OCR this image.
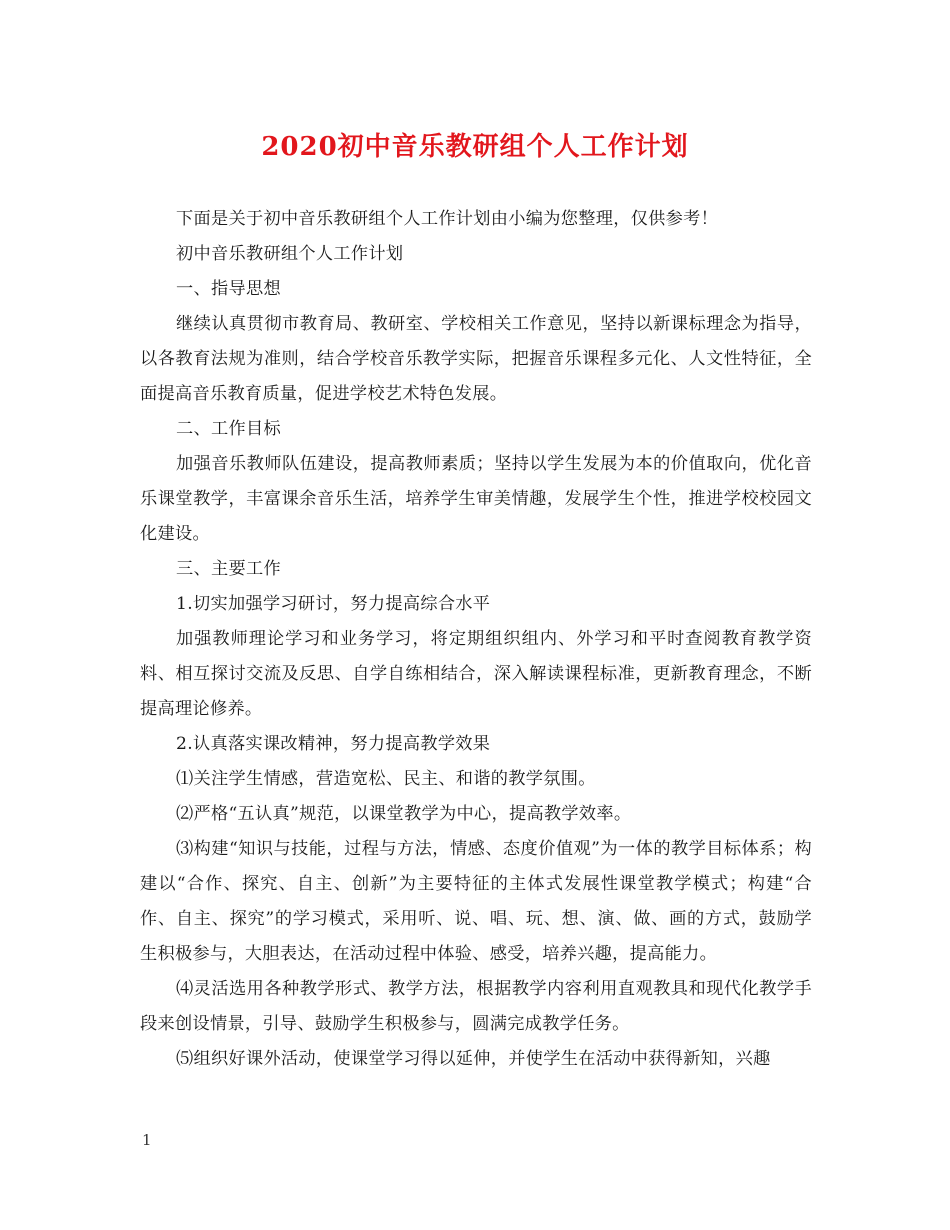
2020初中音乐教研组个人工作计划

下面是关于初中音乐教研组个人工作计划由小编为您整理，仅供参考！

初中音乐教研组个人工作计划

一、指导思想

继续认真贯彻市教育局、教研室、学校相关工作意见，坚持以新课标理念为指导，以各教育法规为准则，结合学校音乐教学实际，把握音乐课程多元化、人文性特征，全面提高音乐教育质量，促进学校艺术特色发展。

二、工作目标

加强音乐教师队伍建设，提高教师素质；坚持以学生发展为本的价值取向，优化音乐课堂教学，丰富课余音乐生活，培养学生审美情趣，发展学生个性，推进学校校园文化建设。

三、主要工作

1.切实加强学习研讨，努力提高综合水平

加强教师理论学习和业务学习，将定期组织组内、外学习和平时查阅教育教学资料、相互探讨交流及反思、自学自练相结合，深入解读课程标准，更新教育理念，不断提高理论修养。

2.认真落实课改精神，努力提高教学效果

⑴关注学生情感，营造宽松、民主、和谐的教学氛围。

⑵严格“五认真”规范，以课堂教学为中心，提高教学效率。

⑶构建“知识与技能，过程与方法，情感、态度价值观”为一体的教学目标体系；构建以“合作、探究、自主、创新”为主要特征的主体式发展性课堂教学模式；构建“合作、自主、探究”的学习模式，采用听、说、唱、玩、想、演、做、画的方式，鼓励学生积极参与，大胆表达，在活动过程中体验、感受，培养兴趣，提高能力。

⑷灵活选用各种教学形式、教学方法，根据教学内容利用直观教具和现代化教学手段来创设情景，引导、鼓励学生积极参与，圆满完成教学任务。

⑸组织好课外活动，使课堂学习得以延伸，并使学生在活动中获得新知，兴趣

1
